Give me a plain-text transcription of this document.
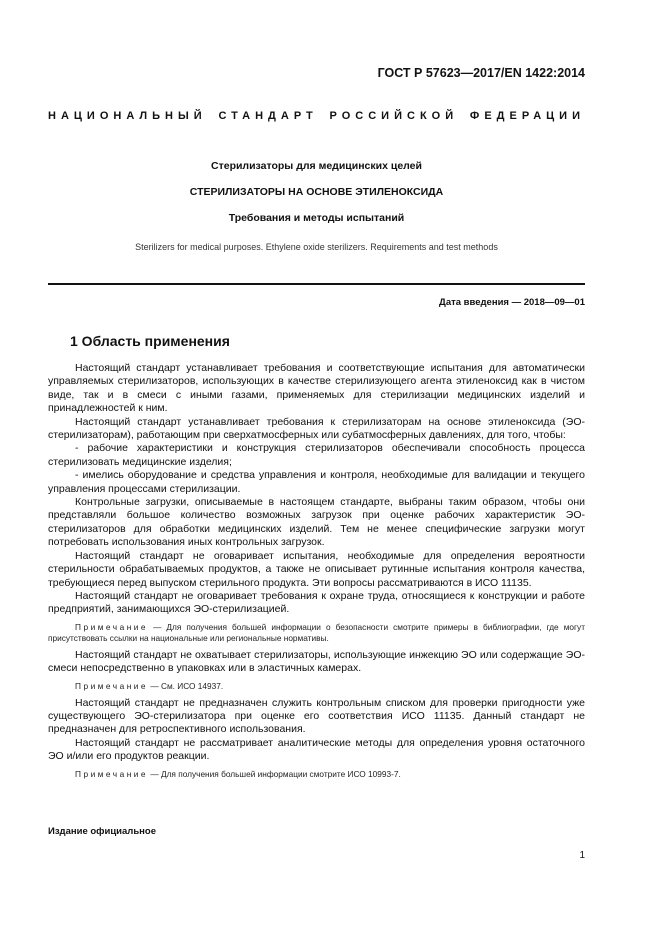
ГОСТ Р 57623—2017/EN 1422:2014
НАЦИОНАЛЬНЫЙ СТАНДАРТ РОССИЙСКОЙ ФЕДЕРАЦИИ
Стерилизаторы для медицинских целей
СТЕРИЛИЗАТОРЫ НА ОСНОВЕ ЭТИЛЕНОКСИДА
Требования и методы испытаний
Sterilizers for medical purposes. Ethylene oxide sterilizers. Requirements and test methods
Дата введения — 2018—09—01
1 Область применения

Настоящий стандарт устанавливает требования и соответствующие испытания для автоматически управляемых стерилизаторов, использующих в качестве стерилизующего агента этиленоксид как в чистом виде, так и в смеси с иными газами, применяемых для стерилизации медицинских изделий и принадлежностей к ним.

Настоящий стандарт устанавливает требования к стерилизаторам на основе этиленоксида (ЭО-стерилизаторам), работающим при сверхатмосферных или субатмосферных давлениях, для того, чтобы:

- рабочие характеристики и конструкция стерилизаторов обеспечивали способность процесса стерилизовать медицинские изделия;

- имелись оборудование и средства управления и контроля, необходимые для валидации и текущего управления процессами стерилизации.

Контрольные загрузки, описываемые в настоящем стандарте, выбраны таким образом, чтобы они представляли большое количество возможных загрузок при оценке рабочих характеристик ЭО-стерилизаторов для обработки медицинских изделий. Тем не менее специфические загрузки могут потребовать использования иных контрольных загрузок.

Настоящий стандарт не оговаривает испытания, необходимые для определения вероятности стерильности обрабатываемых продуктов, а также не описывает рутинные испытания контроля качества, требующиеся перед выпуском стерильного продукта. Эти вопросы рассматриваются в ИСО 11135.

Настоящий стандарт не оговаривает требования к охране труда, относящиеся к конструкции и работе предприятий, занимающихся ЭО-стерилизацией.

Примечание — Для получения большей информации о безопасности смотрите примеры в библиографии, где могут присутствовать ссылки на национальные или региональные нормативы.

Настоящий стандарт не охватывает стерилизаторы, использующие инжекцию ЭО или содержащие ЭО-смеси непосредственно в упаковках или в эластичных камерах.

Примечание — См. ИСО 14937.

Настоящий стандарт не предназначен служить контрольным списком для проверки пригодности уже существующего ЭО-стерилизатора при оценке его соответствия ИСО 11135. Данный стандарт не предназначен для ретроспективного использования.

Настоящий стандарт не рассматривает аналитические методы для определения уровня остаточного ЭО и/или его продуктов реакции.

Примечание — Для получения большей информации смотрите ИСО 10993-7.

Издание официальное
1
